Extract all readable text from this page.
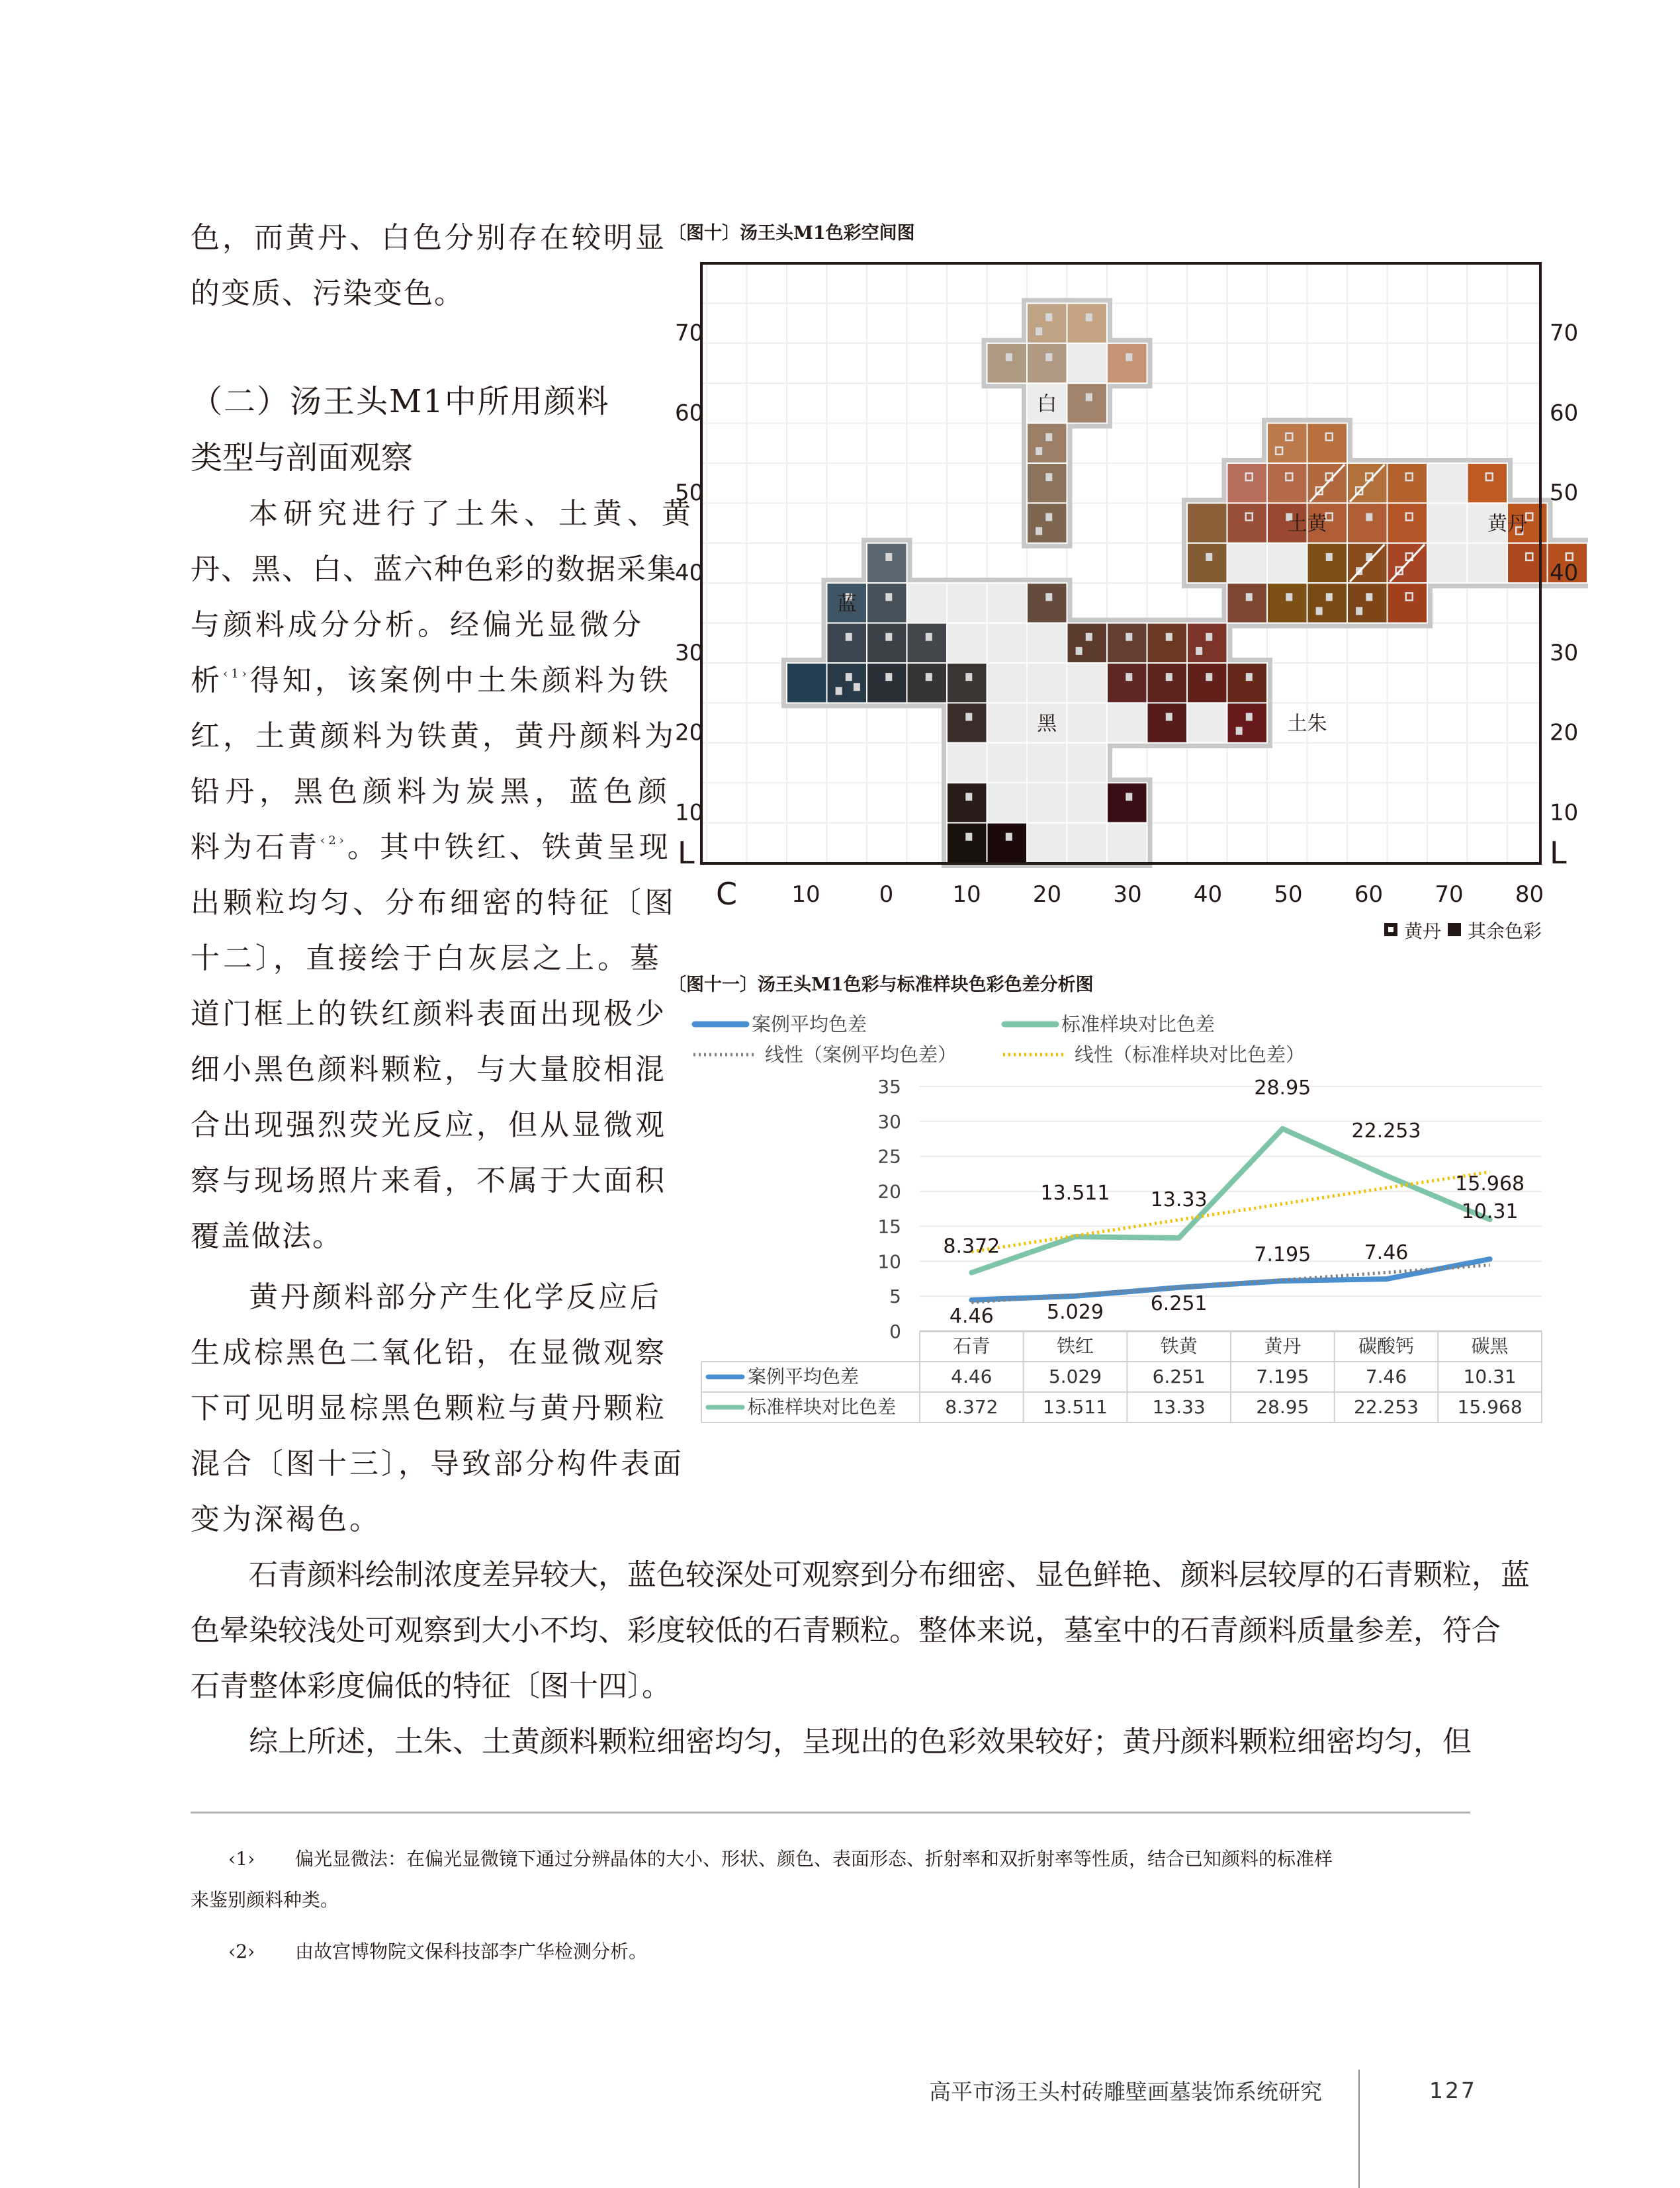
色，而黄丹、白色分别存在较明显
的变质、污染变色。
（二）汤王头M1中所用颜料
类型与剖面观察
本研究进行了土朱、土黄、黄
丹、黑、白、蓝六种色彩的数据采集
与颜料成分分析。经偏光显微分
析$^{‹1›}$得知，该案例中土朱颜料为铁
红，土黄颜料为铁黄，黄丹颜料为
铅丹，黑色颜料为炭黑，蓝色颜
料为石青$^{‹2›}$。其中铁红、铁黄呈现
出颗粒均匀、分布细密的特征〔图
十二〕，直接绘于白灰层之上。墓
道门框上的铁红颜料表面出现极少
细小黑色颜料颗粒，与大量胶相混
合出现强烈荧光反应，但从显微观
察与现场照片来看，不属于大面积
覆盖做法。
黄丹颜料部分产生化学反应后
生成棕黑色二氧化铅，在显微观察
下可见明显棕黑色颗粒与黄丹颗粒
混合〔图十三〕，导致部分构件表面
变为深褐色。
〔图十〕汤王头M1色彩空间图
白
蓝
黑
土黄	黄丹
土朱
70	70
60	60
50	50
40	40
30	30
20	20
10	10
L	L
C 10	0	10 20 30 40 50 60 70 80
黄丹 其余色彩
〔图十一〕汤王头M1色彩与标准样块色彩色差分析图
案例平均色差	标准样块对比色差
线性（案例平均色差）	线性（标准样块对比色差）
0
5
10
15
20
25
30
35
4.46	5.029 6.251
7.195	7.46
10.31
8.372
13.511 13.33
28.95
22.253
15.968
石青	铁红	铁黄	黄丹	碳酸钙	碳黑
案例平均色差	4.46	5.029	6.251	7.195	7.46	10.31
标准样块对比色差	8.372 13.511 13.33	28.95 22.253 15.968
石青颜料绘制浓度差异较大，蓝色较深处可观察到分布细密、显色鲜艳、颜料层较厚的石青颗粒，蓝
色晕染较浅处可观察到大小不均、彩度较低的石青颗粒。整体来说，墓室中的石青颜料质量参差，符合
石青整体彩度偏低的特征〔图十四〕。
综上所述，土朱、土黄颜料颗粒细密均匀，呈现出的色彩效果较好；黄丹颜料颗粒细密均匀，但
‹1› 偏光显微法：在偏光显微镜下通过分辨晶体的大小、形状、颜色、表面形态、折射率和双折射率等性质，结合已知颜料的标准样
来鉴别颜料种类。
‹2› 由故宫博物院文保科技部李广华检测分析。
高平市汤王头村砖雕壁画墓装饰系统研究	127
